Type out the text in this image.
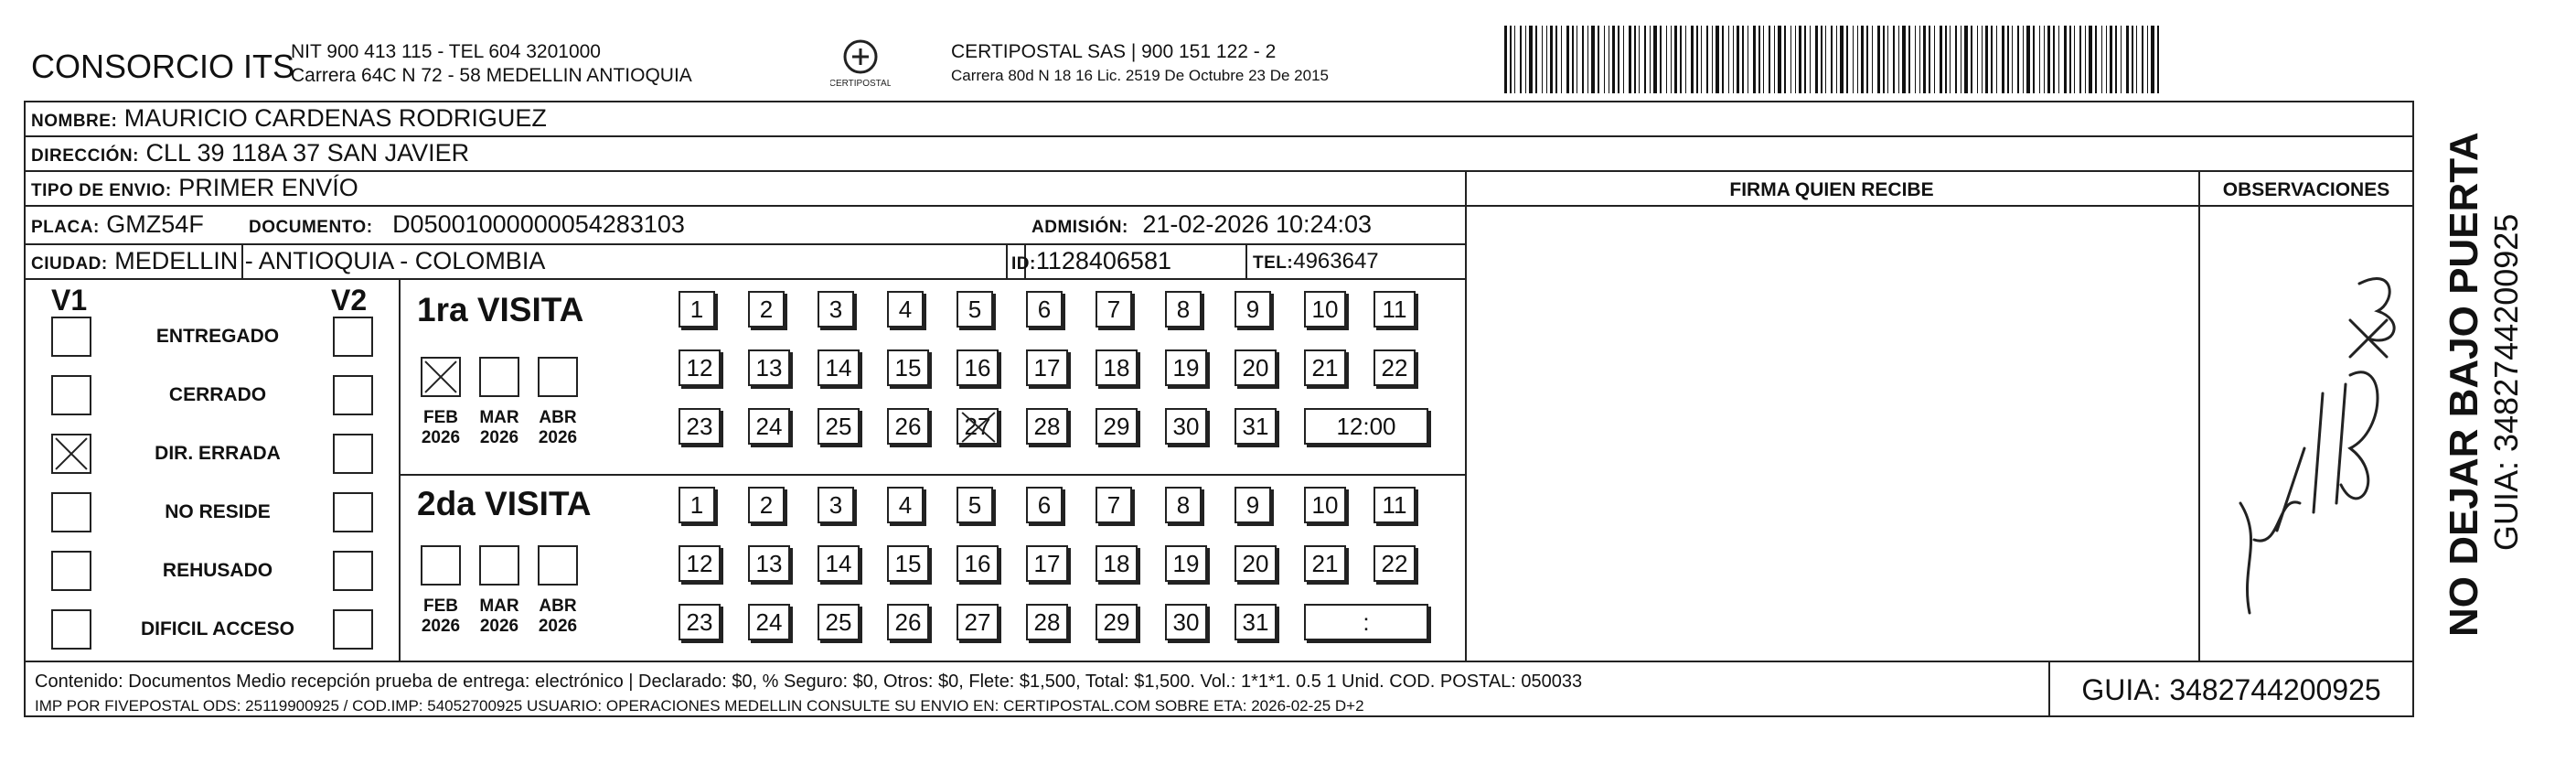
CONSORCIO ITS
NIT 900 413 115 - TEL 604 3201000
Carrera 64C N 72 - 58 MEDELLIN ANTIOQUIA	CERTIPOSTAL
CERTIPOSTAL SAS | 900 151 122 - 2
Carrera 80d N 18 16 Lic. 2519 De Octubre 23 De 2015
NOMBRE: MAURICIO CARDENAS RODRIGUEZ
DIRECCIÓN: CLL 39 118A 37 SAN JAVIER
TIPO DE ENVIO: PRIMER ENVÍO
PLACA: GMZ54F	DOCUMENTO: D05001000000054283103	ADMISIÓN: 21-02-2026 10:24:03
CIUDAD: MEDELLIN - ANTIOQUIA - COLOMBIA	ID:1128406581	TEL:4963647
FIRMA QUIEN RECIBE	OBSERVACIONES
V1	V2
ENTREGADO
CERRADO
DIR. ERRADA
NO RESIDE
REHUSADO
DIFICIL ACCESO
1ra VISITA
2da VISITA
FEB
2026
MAR
2026
ABR
2026
FEB
2026
MAR
2026
ABR
2026
1	2	3	4	5	6	7	8	9	10	11
12	13	14	15	16	17	18	19	20	21	22
23	24	25	26	27	28	29	30	31	12:00
1	2	3	4	5	6	7	8	9	10	11
12	13	14	15	16	17	18	19	20	21	22
23	24	25	26	27	28	29	30	31	:
Contenido: Documentos Medio recepción prueba de entrega: electrónico | Declarado: $0, % Seguro: $0, Otros: $0, Flete: $1,500, Total: $1,500. Vol.: 1*1*1. 0.5 1 Unid. COD. POSTAL: 050033
IMP POR FIVEPOSTAL ODS: 25119900925 / COD.IMP: 54052700925 USUARIO: OPERACIONES MEDELLIN CONSULTE SU ENVIO EN: CERTIPOSTAL.COM SOBRE ETA: 2026-02-25 D+2	GUIA: 3482744200925
NO DEJAR BAJO PUERTA GUIA: 3482744200925
